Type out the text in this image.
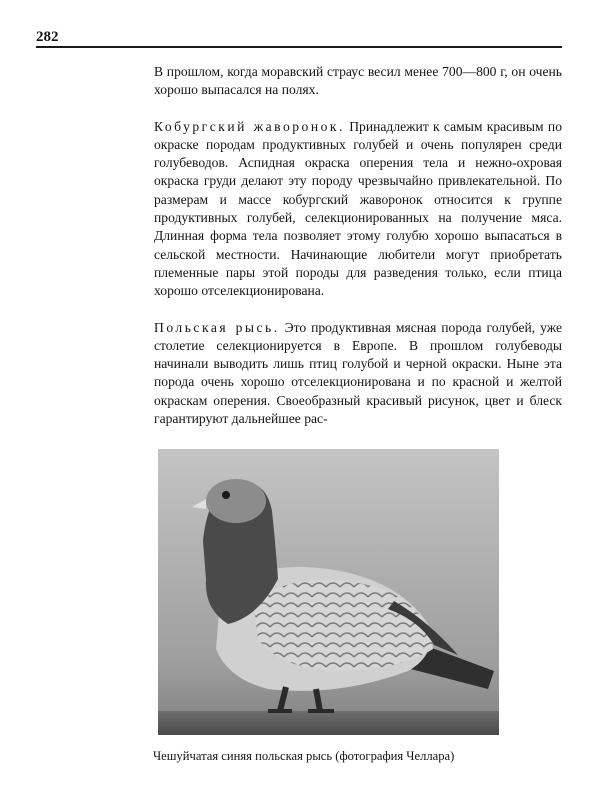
282

В прошлом, когда моравский страус весил менее 700—800 г, он очень хорошо выпасался на полях.

Кобургский жаворонок. Принадлежит к самым красивым по окраске породам продуктивных голубей и очень популярен среди голубеводов. Аспидная окраска оперения тела и нежно-охровая окраска груди делают эту породу чрезвычайно привлекательной. По размерам и массе кобургский жаворонок относится к группе продуктивных голубей, селекционированных на получение мяса. Длинная форма тела позволяет этому голубю хорошо выпасаться в сельской местности. Начинающие любители могут приобретать племенные пары этой породы для разведения только, если птица хорошо отселекционирована.

Польская рысь. Это продуктивная мясная порода голубей, уже столетие селекционируется в Европе. В прошлом голубеводы начинали выводить лишь птиц голубой и черной окраски. Ныне эта порода очень хорошо отселекционирована и по красной и желтой окраскам оперения. Своеобразный красивый рисунок, цвет и блеск гарантируют дальнейшее рас-

Чешуйчатая синяя польская рысь (фотография Челлара)
